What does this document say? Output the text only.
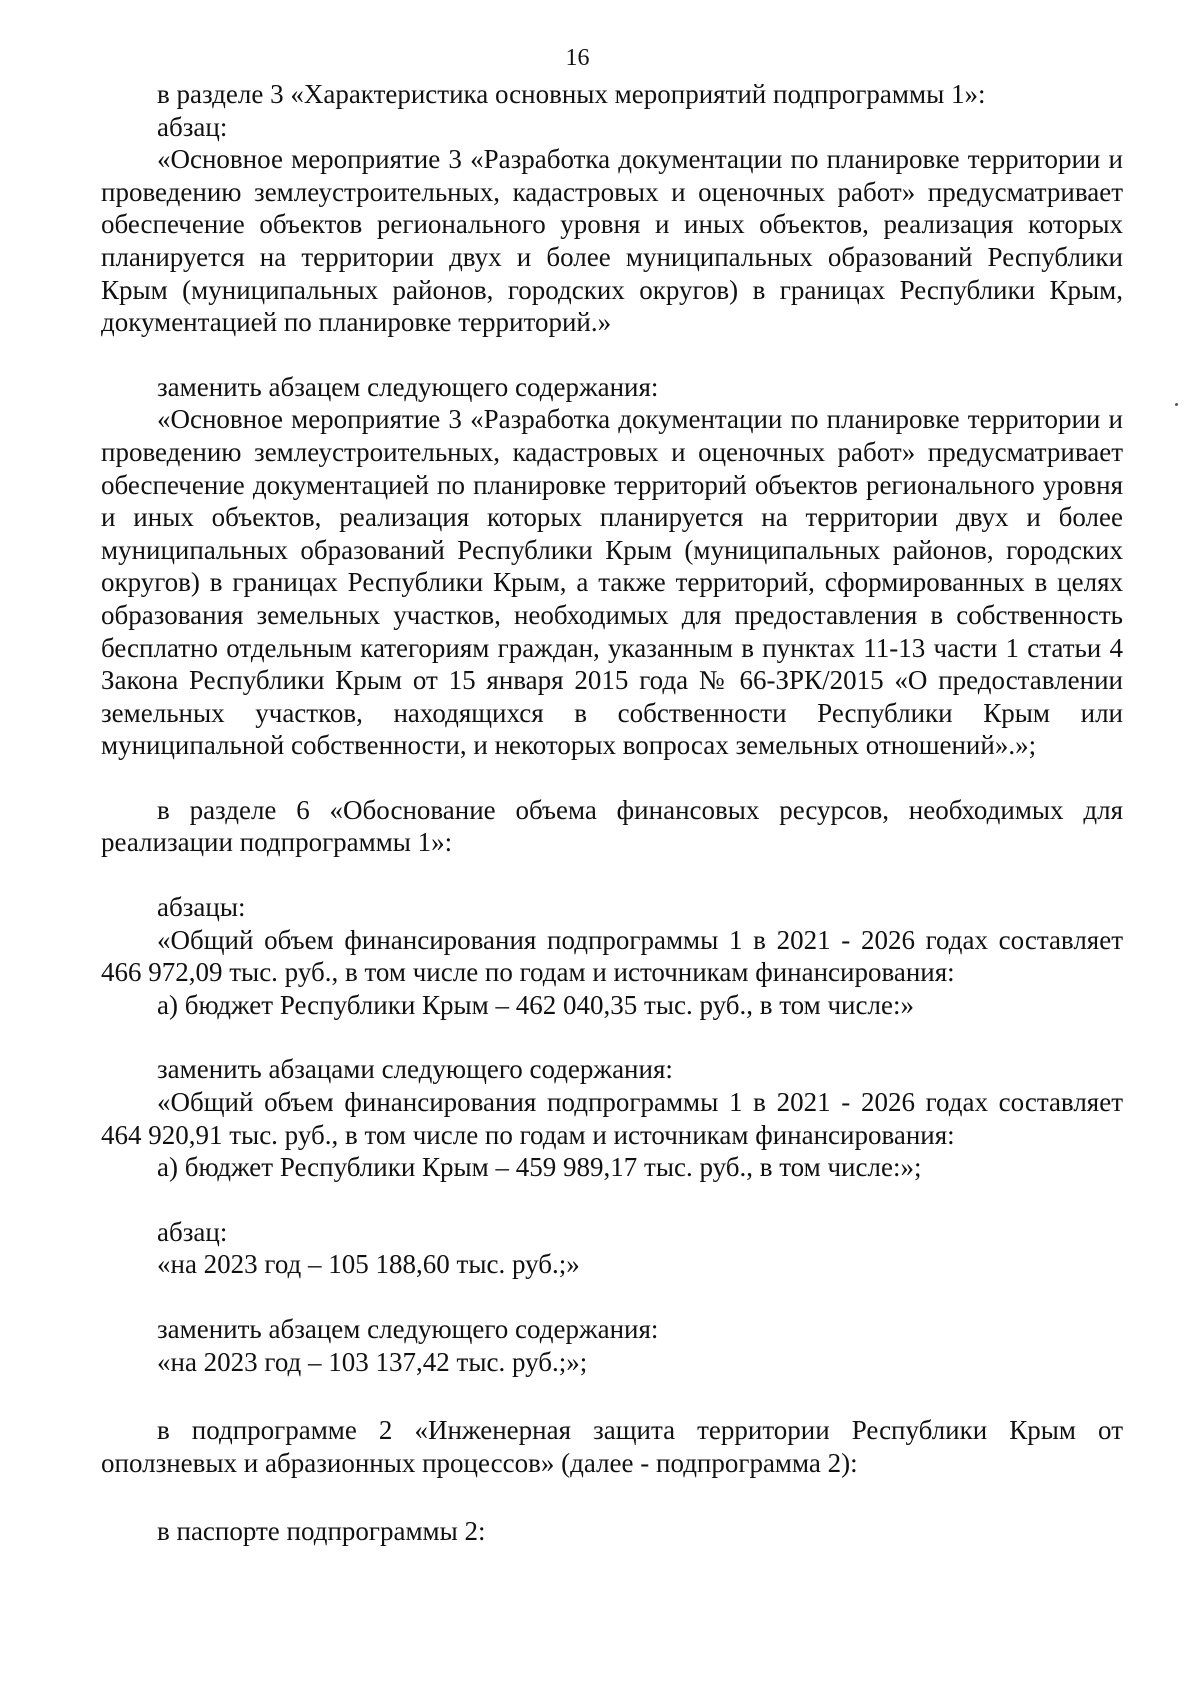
16

в разделе 3 «Характеристика основных мероприятий подпрограммы 1»:

абзац:

«Основное мероприятие 3 «Разработка документации по планировке территории и проведению землеустроительных, кадастровых и оценочных работ» предусматривает обеспечение объектов регионального уровня и иных объектов, реализация которых планируется на территории двух и более муниципальных образований Республики Крым (муниципальных районов, городских округов) в границах Республики Крым, документацией по планировке территорий.»

заменить абзацем следующего содержания:

«Основное мероприятие 3 «Разработка документации по планировке территории и проведению землеустроительных, кадастровых и оценочных работ» предусматривает обеспечение документацией по планировке территорий объектов регионального уровня и иных объектов, реализация которых планируется на территории двух и более муниципальных образований Республики Крым (муниципальных районов, городских округов) в границах Республики Крым, а также территорий, сформированных в целях образования земельных участков, необходимых для предоставления в собственность бесплатно отдельным категориям граждан, указанным в пунктах 11-13 части 1 статьи 4 Закона Республики Крым от 15 января 2015 года № 66-ЗРК/2015 «О предоставлении земельных участков, находящихся в собственности Республики Крым или муниципальной собственности, и некоторых вопросах земельных отношений».»;

в разделе 6 «Обоснование объема финансовых ресурсов, необходимых для реализации подпрограммы 1»:

абзацы:

«Общий объем финансирования подпрограммы 1 в 2021 - 2026 годах составляет 466 972,09 тыс. руб., в том числе по годам и источникам финансирования:

а) бюджет Республики Крым – 462 040,35 тыс. руб., в том числе:»

заменить абзацами следующего содержания:

«Общий объем финансирования подпрограммы 1 в 2021 - 2026 годах составляет 464 920,91 тыс. руб., в том числе по годам и источникам финансирования:

а) бюджет Республики Крым – 459 989,17 тыс. руб., в том числе:»;

абзац:

«на 2023 год – 105 188,60 тыс. руб.;»

заменить абзацем следующего содержания:

«на 2023 год – 103 137,42 тыс. руб.;»;

в подпрограмме 2 «Инженерная защита территории Республики Крым от оползневых и абразионных процессов» (далее - подпрограмма 2):

в паспорте подпрограммы 2:
